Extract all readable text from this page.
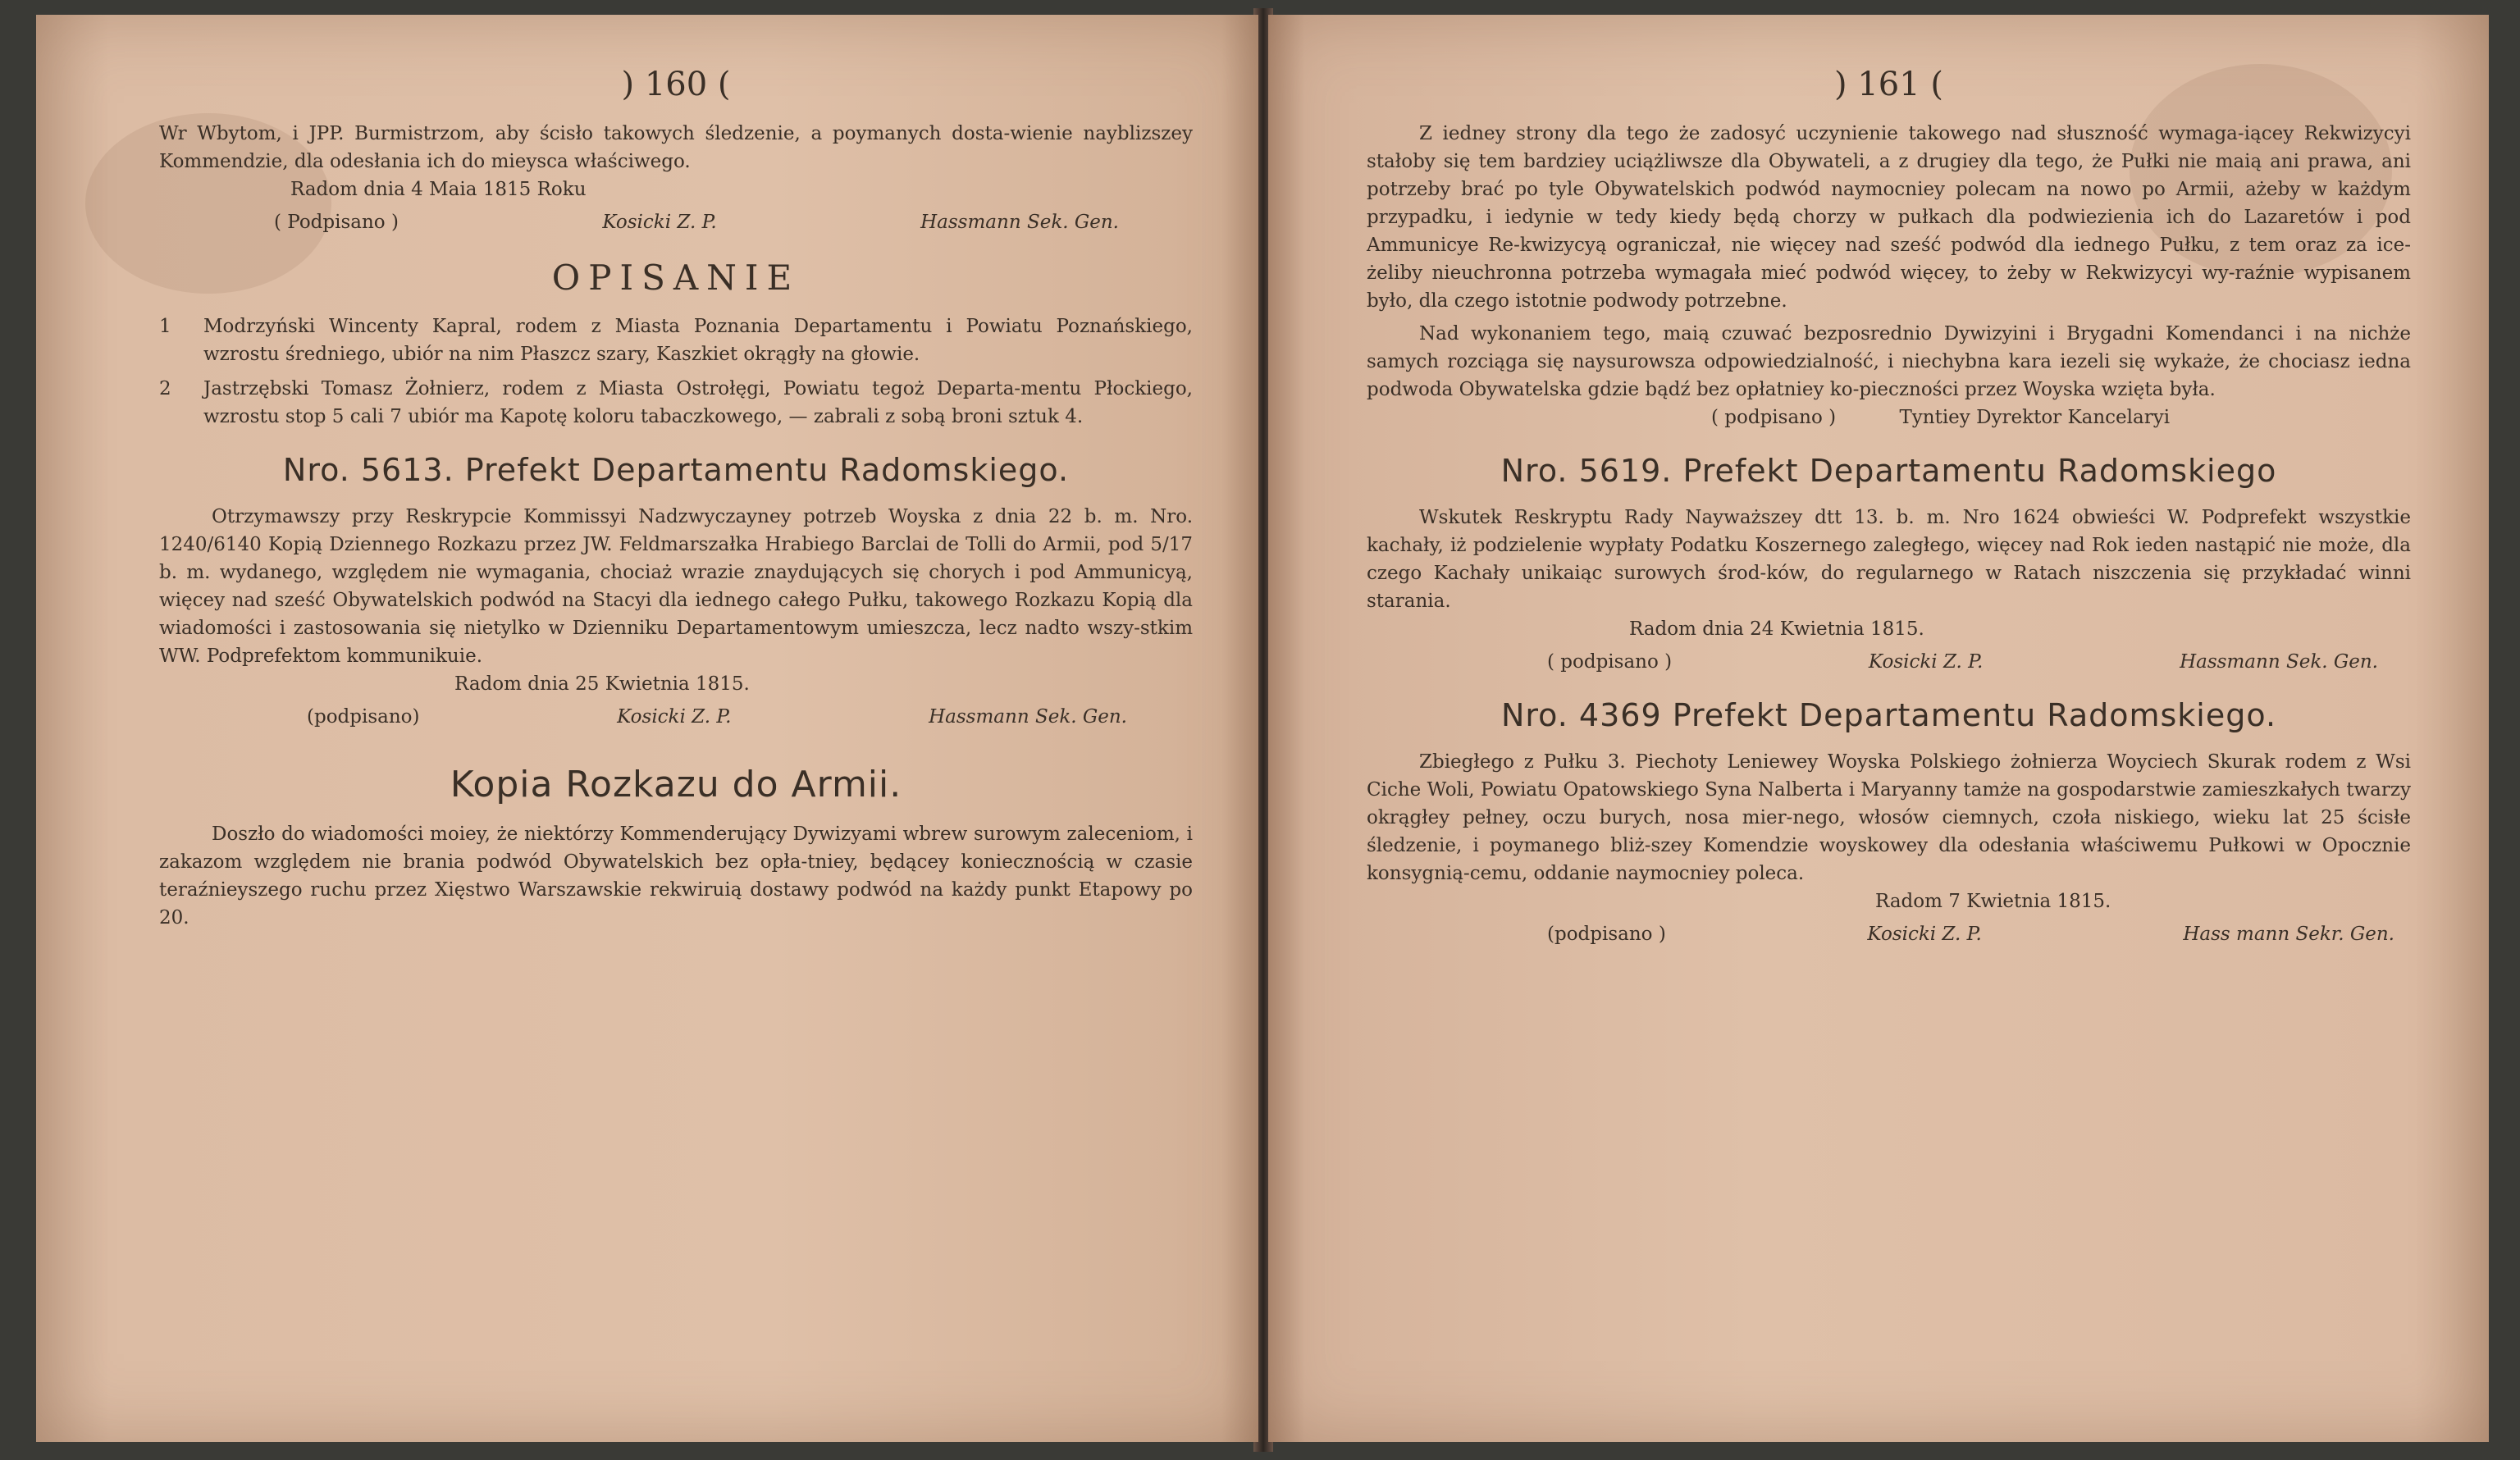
) 160 (

Wr Wbytom, i JPP. Burmistrzom, aby ścisło takowych śledzenie, a poymanych dosta-wienie nayblizszey Kommendzie, dla odesłania ich do mieysca właściwego.

Radom dnia 4 Maia 1815 Roku

( Podpisano )	Kosicki Z. P.	Hassmann Sek. Gen.
OPISANIE
1	Modrzyński Wincenty Kapral, rodem z Miasta Poznania Departamentu i Powiatu Poznańskiego, wzrostu średniego, ubiór na nim Płaszcz szary, Kaszkiet okrągły na głowie.

2	Jastrzębski Tomasz Żołnierz, rodem z Miasta Ostrołęgi, Powiatu tegoż Departa-mentu Płockiego, wzrostu stop 5 cali 7 ubiór ma Kapotę koloru tabaczkowego, — zabrali z sobą broni sztuk 4.

Nro. 5613. Prefekt Departamentu Radomskiego.

Otrzymawszy przy Reskrypcie Kommissyi Nadzwyczayney potrzeb Woyska z dnia 22 b. m. Nro. 1240/6140 Kopią Dziennego Rozkazu przez JW. Feldmarszałka Hrabiego Barclai de Tolli do Armii, pod 5/17 b. m. wydanego, względem nie wymagania, chociaż wrazie znaydujących się chorych i pod Ammunicyą, więcey nad sześć Obywatelskich podwód na Stacyi dla iednego całego Pułku, takowego Rozkazu Kopią dla wiadomości i zastosowania się nietylko w Dzienniku Departamentowym umieszcza, lecz nadto wszy-stkim WW. Podprefektom kommunikuie.

Radom dnia 25 Kwietnia 1815.

(podpisano)	Kosicki Z. P.	Hassmann Sek. Gen.
Kopia Rozkazu do Armii.

Doszło do wiadomości moiey, że niektórzy Kommenderujący Dywizyami wbrew surowym zaleceniom, i zakazom względem nie brania podwód Obywatelskich bez opła-tniey, będącey koniecznością w czasie teraźnieyszego ruchu przez Xięstwo Warszawskie rekwiruią dostawy podwód na każdy punkt Etapowy po 20.

) 161 (

Z iedney strony dla tego że zadosyć uczynienie takowego nad słuszność wymaga-iącey Rekwizycyi stałoby się tem bardziey uciążliwsze dla Obywateli, a z drugiey dla tego, że Pułki nie maią ani prawa, ani potrzeby brać po tyle Obywatelskich podwód naymocniey polecam na nowo po Armii, ażeby w każdym przypadku, i iedynie w tedy kiedy będą chorzy w pułkach dla podwiezienia ich do Lazaretów i pod Ammunicye Re-kwizycyą ograniczał, nie więcey nad sześć podwód dla iednego Pułku, z tem oraz za ice-żeliby nieuchronna potrzeba wymagała mieć podwód więcey, to żeby w Rekwizycyi wy-raźnie wypisanem było, dla czego istotnie podwody potrzebne.

Nad wykonaniem tego, maią czuwać bezposrednio Dywizyini i Brygadni Komendanci i na nichże samych rozciąga się naysurowsza odpowiedzialność, i niechybna kara iezeli się wykaże, że chociasz iedna podwoda Obywatelska gdzie bądź bez opłatniey ko-pieczności przez Woyska wzięta była.

( podpisano )	Tyntiey Dyrektor Kancelaryi
Nro. 5619. Prefekt Departamentu Radomskiego

Wskutek Reskryptu Rady Nayważszey dtt 13. b. m. Nro 1624 obwieści W. Podprefekt wszystkie kachały, iż podzielenie wypłaty Podatku Koszernego zaległego, więcey nad Rok ieden nastąpić nie może, dla czego Kachały unikaiąc surowych środ-ków, do regularnego w Ratach niszczenia się przykładać winni starania.

Radom dnia 24 Kwietnia 1815.

( podpisano )	Kosicki Z. P.	Hassmann Sek. Gen.
Nro. 4369 Prefekt Departamentu Radomskiego.

Zbiegłego z Pułku 3. Piechoty Leniewey Woyska Polskiego żołnierza Woyciech Skurak rodem z Wsi Ciche Woli, Powiatu Opatowskiego Syna Nalberta i Maryanny tamże na gospodarstwie zamieszkałych twarzy okrągłey pełney, oczu burych, nosa mier-nego, włosów ciemnych, czoła niskiego, wieku lat 25 ścisłe śledzenie, i poymanego bliż-szey Komendzie woyskowey dla odesłania właściwemu Pułkowi w Opocznie konsygnią-cemu, oddanie naymocniey poleca.

Radom 7 Kwietnia 1815.

(podpisano )	Kosicki Z. P.	Hass mann Sekr. Gen.
